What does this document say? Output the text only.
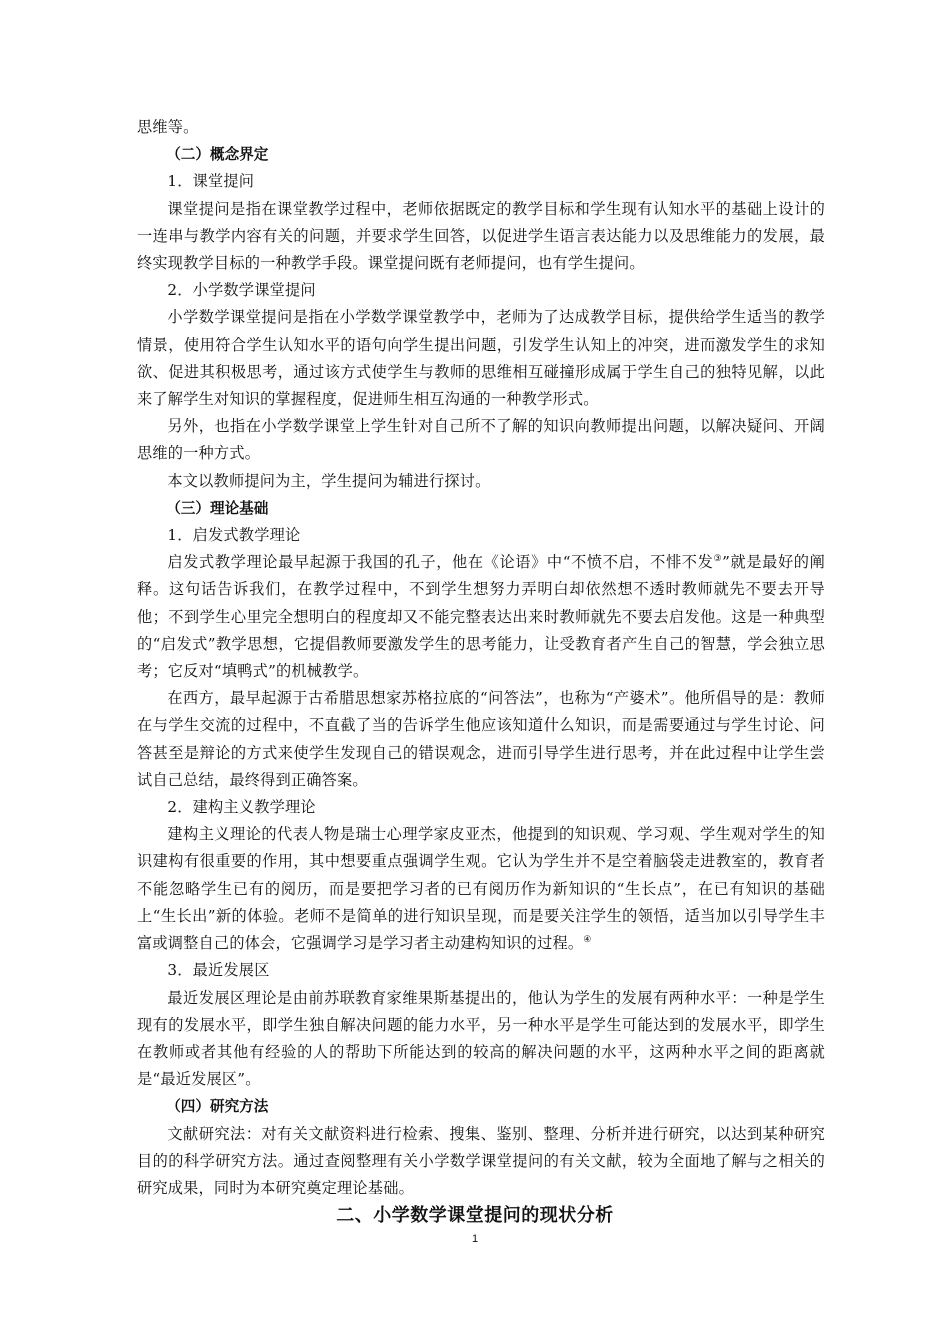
思维等。

（二）概念界定

1．课堂提问

课堂提问是指在课堂教学过程中，老师依据既定的教学目标和学生现有认知水平的基础上设计的一连串与教学内容有关的问题，并要求学生回答，以促进学生语言表达能力以及思维能力的发展，最终实现教学目标的一种教学手段。课堂提问既有老师提问，也有学生提问。

2．小学数学课堂提问

小学数学课堂提问是指在小学数学课堂教学中，老师为了达成教学目标，提供给学生适当的教学情景，使用符合学生认知水平的语句向学生提出问题，引发学生认知上的冲突，进而激发学生的求知欲、促进其积极思考，通过该方式使学生与教师的思维相互碰撞形成属于学生自己的独特见解，以此来了解学生对知识的掌握程度，促进师生相互沟通的一种教学形式。

另外，也指在小学数学课堂上学生针对自己所不了解的知识向教师提出问题，以解决疑问、开阔思维的一种方式。

本文以教师提问为主，学生提问为辅进行探讨。

（三）理论基础

1．启发式教学理论

启发式教学理论最早起源于我国的孔子，他在《论语》中“不愤不启，不悱不发③”就是最好的阐释。这句话告诉我们，在教学过程中，不到学生想努力弄明白却依然想不透时教师就先不要去开导他；不到学生心里完全想明白的程度却又不能完整表达出来时教师就先不要去启发他。这是一种典型的“启发式”教学思想，它提倡教师要激发学生的思考能力，让受教育者产生自己的智慧，学会独立思考；它反对“填鸭式”的机械教学。

在西方，最早起源于古希腊思想家苏格拉底的“问答法”，也称为“产婆术”。他所倡导的是：教师在与学生交流的过程中，不直截了当的告诉学生他应该知道什么知识，而是需要通过与学生讨论、问答甚至是辩论的方式来使学生发现自己的错误观念，进而引导学生进行思考，并在此过程中让学生尝试自己总结，最终得到正确答案。

2．建构主义教学理论

建构主义理论的代表人物是瑞士心理学家皮亚杰，他提到的知识观、学习观、学生观对学生的知识建构有很重要的作用，其中想要重点强调学生观。它认为学生并不是空着脑袋走进教室的，教育者不能忽略学生已有的阅历，而是要把学习者的已有阅历作为新知识的“生长点”，在已有知识的基础上“生长出”新的体验。老师不是简单的进行知识呈现，而是要关注学生的领悟，适当加以引导学生丰富或调整自己的体会，它强调学习是学习者主动建构知识的过程。④

3．最近发展区

最近发展区理论是由前苏联教育家维果斯基提出的，他认为学生的发展有两种水平：一种是学生现有的发展水平，即学生独自解决问题的能力水平，另一种水平是学生可能达到的发展水平，即学生在教师或者其他有经验的人的帮助下所能达到的较高的解决问题的水平，这两种水平之间的距离就是“最近发展区”。

（四）研究方法

文献研究法：对有关文献资料进行检索、搜集、鉴别、整理、分析并进行研究，以达到某种研究目的的科学研究方法。通过查阅整理有关小学数学课堂提问的有关文献，较为全面地了解与之相关的研究成果，同时为本研究奠定理论基础。

二、小学数学课堂提问的现状分析
1
